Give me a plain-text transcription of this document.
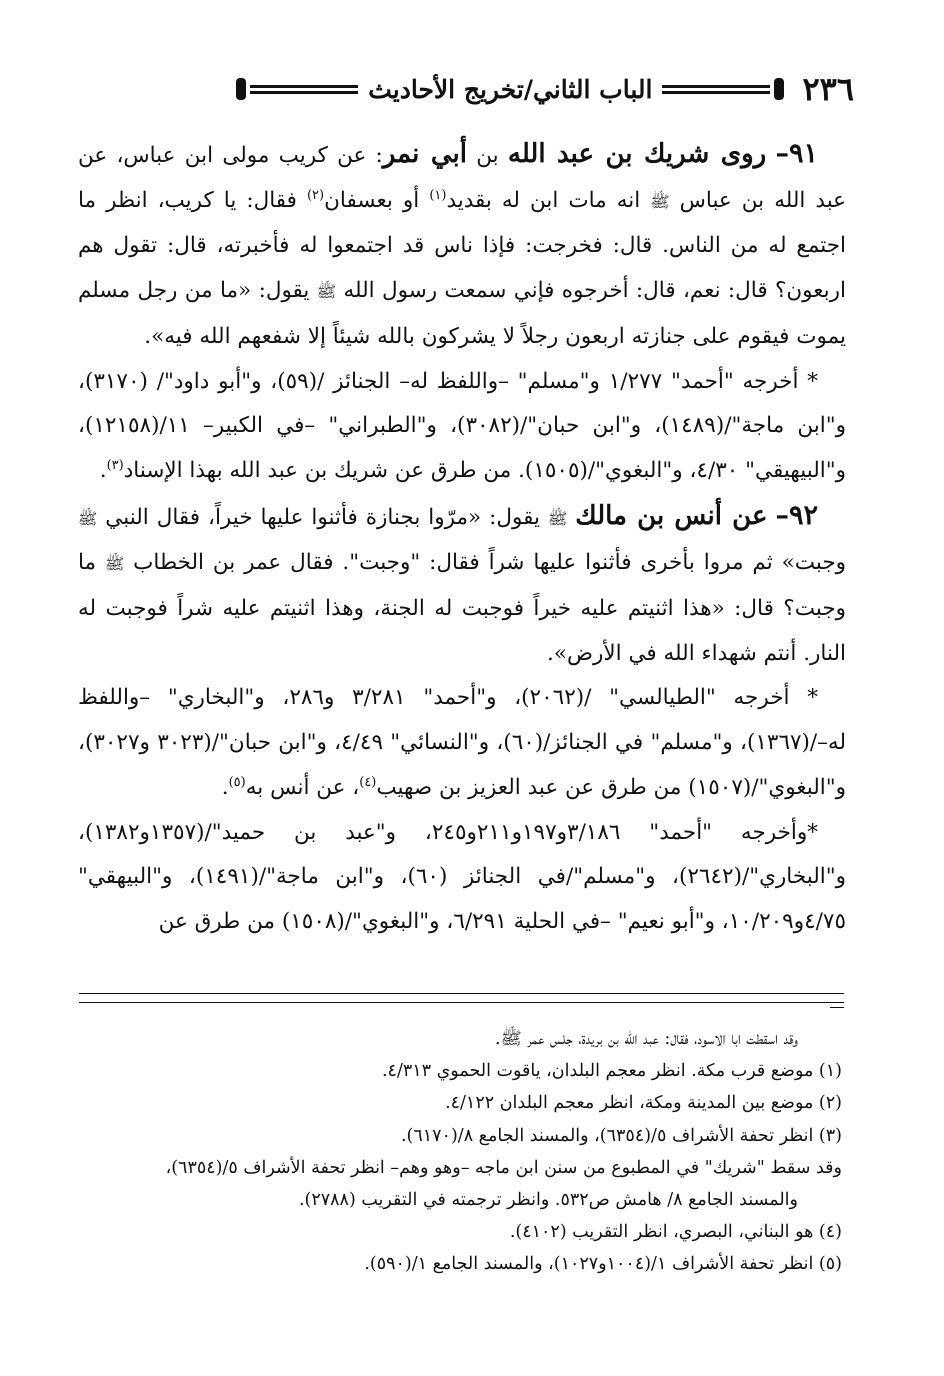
٢٣٦
الباب الثاني/تخريج الأحاديث

٩١– روى شريك بن عبد الله بن أبي نمر: عن كريب مولى ابن عباس، عن عبد الله بن عباس ﷺ انه مات ابن له بقديد$^{(١)}$ أو بعسفان$^{(٢)}$ فقال: يا كريب، انظر ما اجتمع له من الناس. قال: فخرجت: فإذا ناس قد اجتمعوا له فأخبرته، قال: تقول هم اربعون؟ قال: نعم، قال: أخرجوه فإني سمعت رسول الله ﷺ يقول: «ما من رجل مسلم يموت فيقوم على جنازته اربعون رجلاً لا يشركون بالله شيئاً إلا شفعهم الله فيه».

* أخرجه "أحمد" ١/٢٧٧ و"مسلم" –واللفظ له– الجنائز /(٥٩)، و"أبو داود"/ (٣١٧٠)، و"ابن ماجة"/(١٤٨٩)، و"ابن حبان"/(٣٠٨٢)، و"الطبراني" –في الكبير– ١١/(١٢١٥٨)، و"البيهيقي" ٤/٣٠، و"البغوي"/(١٥٠٥). من طرق عن شريك بن عبد الله بهذا الإسناد$^{(٣)}$.

٩٢– عن أنس بن مالك ﷺ يقول: «مرّوا بجنازة فأثنوا عليها خيراً، فقال النبي ﷺ وجبت» ثم مروا بأخرى فأثنوا عليها شراً فقال: "وجبت". فقال عمر بن الخطاب ﷺ ما وجبت؟ قال: «هذا اثنيتم عليه خيراً فوجبت له الجنة، وهذا اثنيتم عليه شراً فوجبت له النار. أنتم شهداء الله في الأرض».

* أخرجه "الطيالسي" /(٢٠٦٢)، و"أحمد" ٣/٢٨١ و٢٨٦، و"البخاري" –واللفظ له–/(١٣٦٧)، و"مسلم" في الجنائز/(٦٠)، و"النسائي" ٤/٤٩، و"ابن حبان"/(٣٠٢٣ و٣٠٢٧)، و"البغوي"/(١٥٠٧) من طرق عن عبد العزيز بن صهيب$^{(٤)}$، عن أنس به$^{(٥)}$.

*وأخرجه "أحمد" ٣/١٨٦و١٩٧و٢١١و٢٤٥، و"عبد بن حميد"/(١٣٥٧و١٣٨٢)، و"البخاري"/(٢٦٤٢)، و"مسلم"/في الجنائز (٦٠)، و"ابن ماجة"/(١٤٩١)، و"البيهقي" ٤/٧٥و١٠/٢٠٩، و"أبو نعيم" –في الحلية ٦/٢٩١، و"البغوي"/(١٥٠٨) من طرق عن

وقد اسقطت ابا الاسود، فقال: عبد الله بن بريدة، جلس عمر ﷺ.
(١) موضع قرب مكة. انظر معجم البلدان، ياقوت الحموي ٤/٣١٣.
(٢) موضع بين المدينة ومكة، انظر معجم البلدان ٤/١٢٢.
(٣) انظر تحفة الأشراف ٥/(٦٣٥٤)، والمسند الجامع ٨/(٦١٧٠).
وقد سقط "شريك" في المطبوع من سنن ابن ماجه –وهو وهم– انظر تحفة الأشراف ٥/(٦٣٥٤)،
والمسند الجامع ٨/ هامش ص٥٣٢. وانظر ترجمته في التقريب (٢٧٨٨).
(٤) هو البناني، البصري، انظر التقريب (٤١٠٢).
(٥) انظر تحفة الأشراف ١/(١٠٠٤و١٠٢٧)، والمسند الجامع ١/(٥٩٠).
